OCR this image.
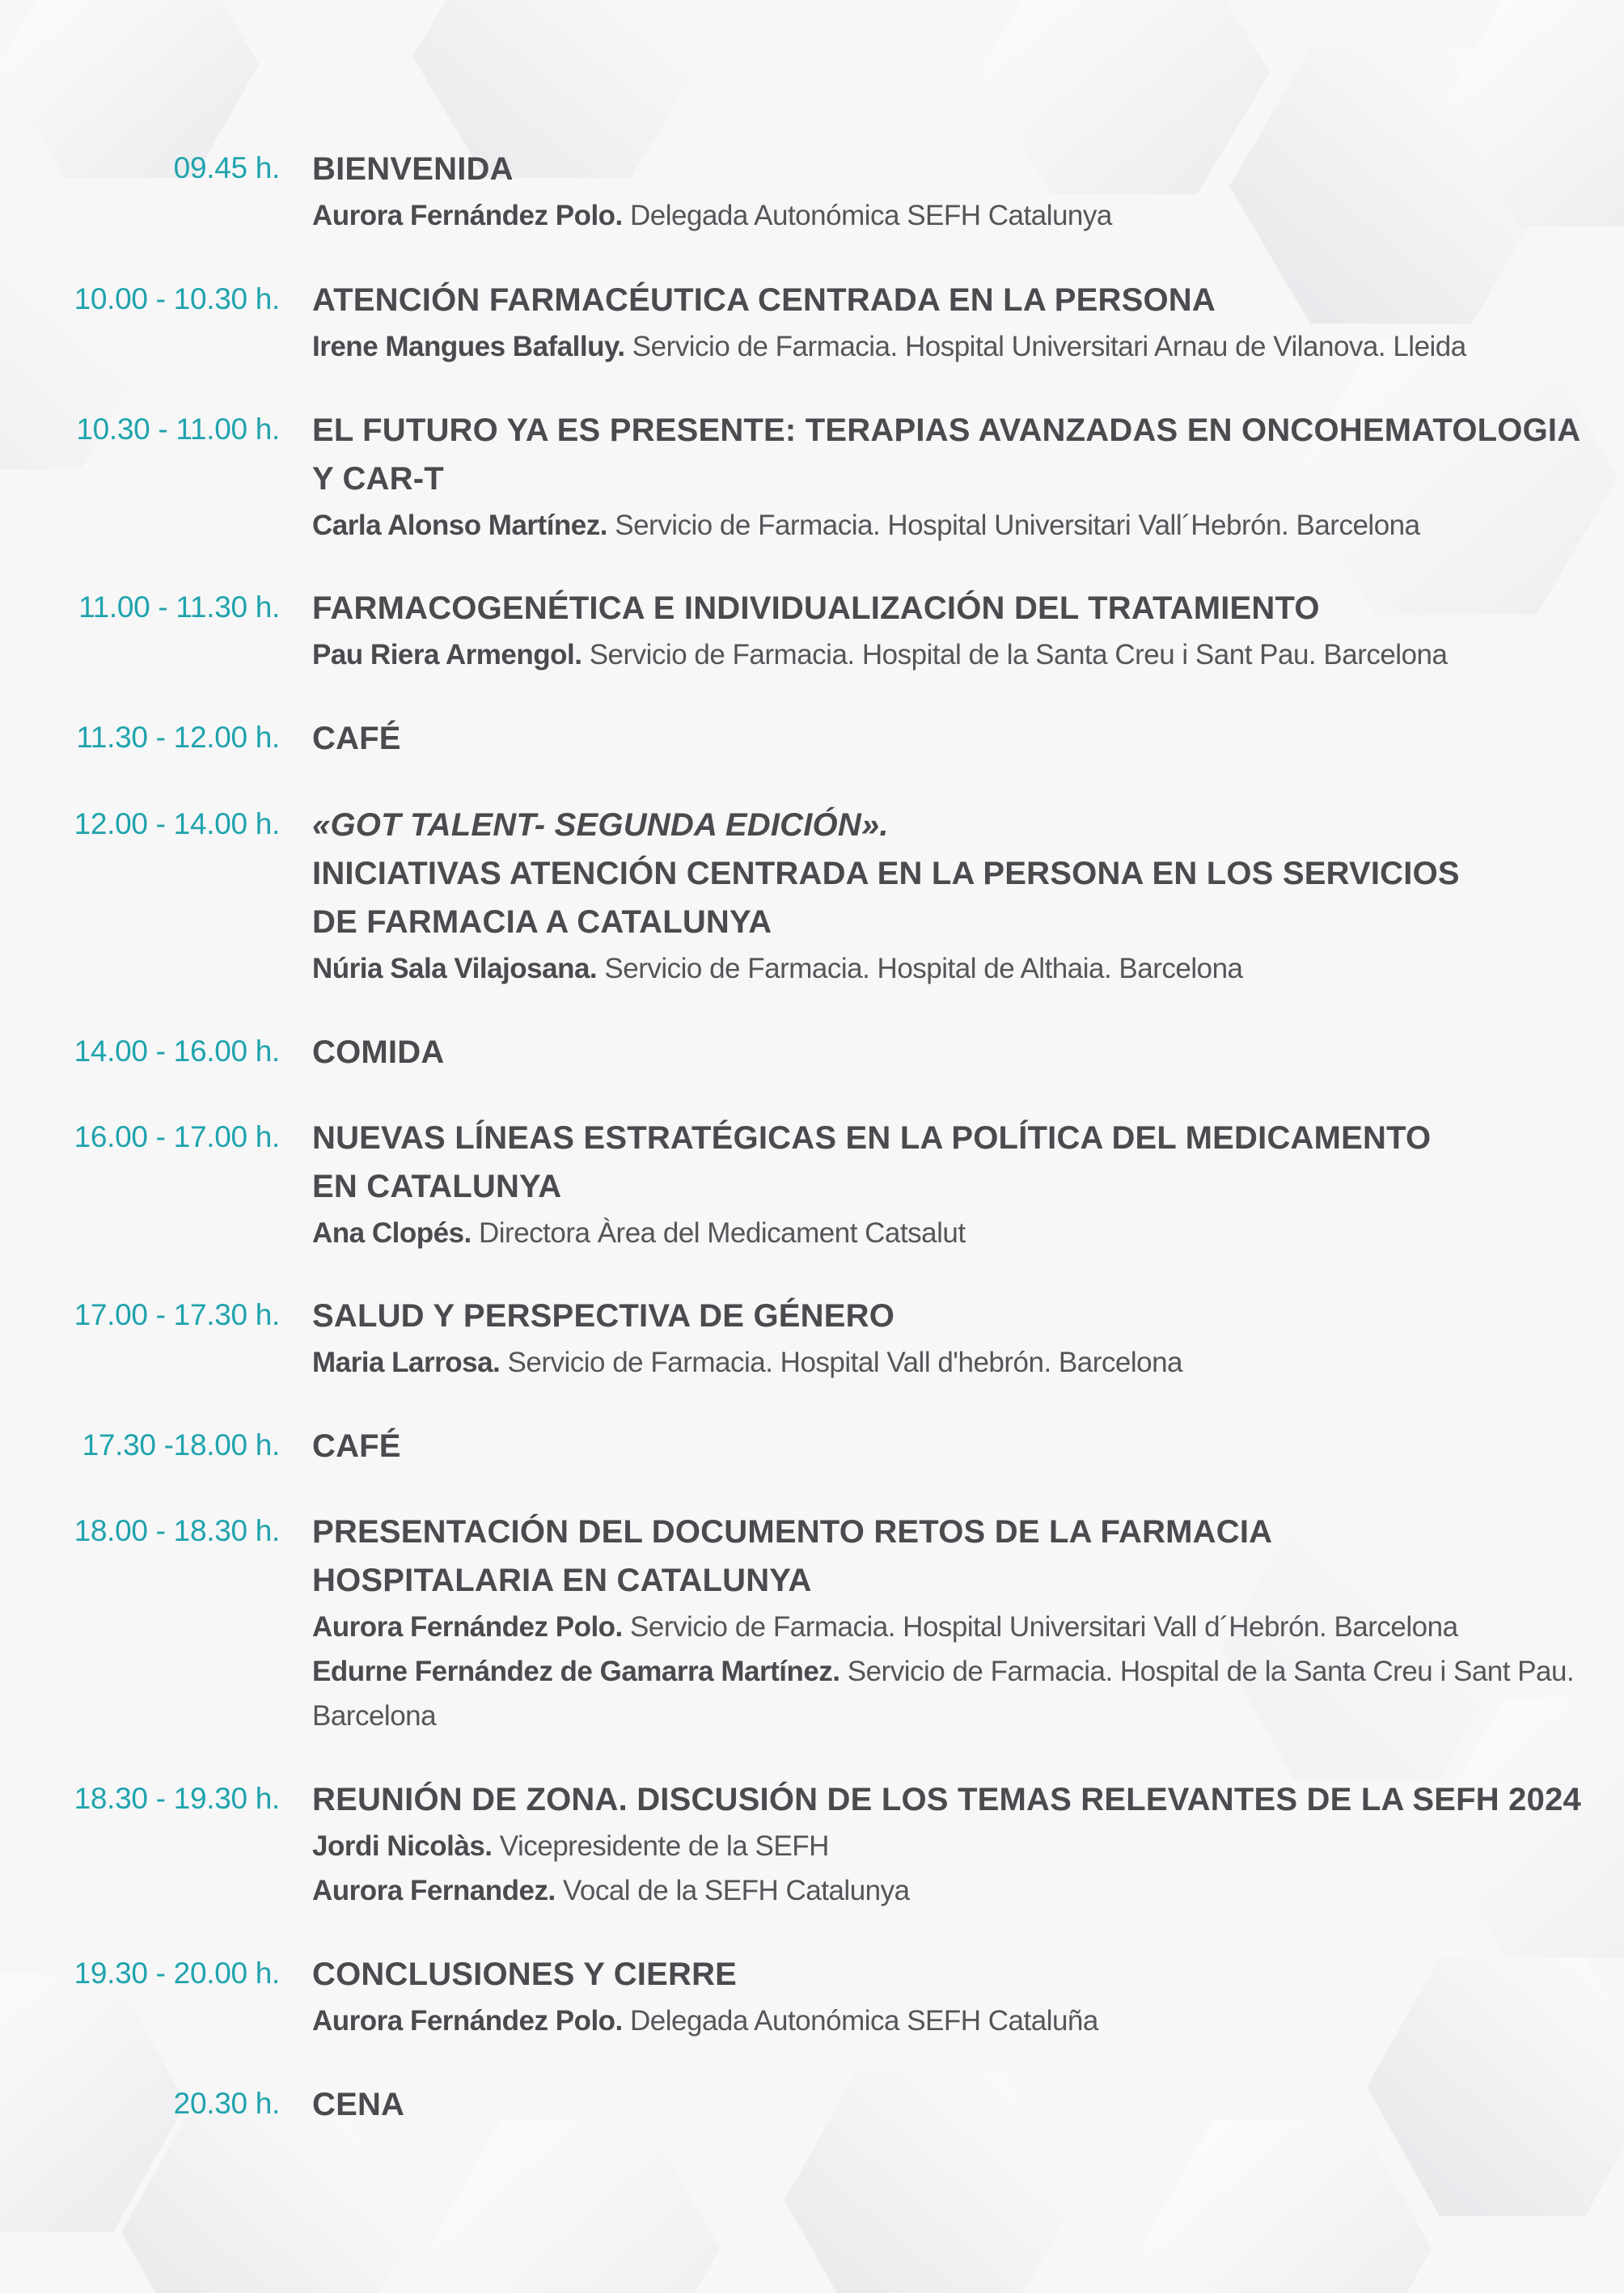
09.45 h. BIENVENIDA
Aurora Fernández Polo. Delegada Autonómica SEFH Catalunya
10.00 - 10.30 h. ATENCIÓN FARMACÉUTICA CENTRADA EN LA PERSONA
Irene Mangues Bafalluy. Servicio de Farmacia. Hospital Universitari Arnau de Vilanova. Lleida
10.30 - 11.00 h. EL FUTURO YA ES PRESENTE: TERAPIAS AVANZADAS EN ONCOHEMATOLOGIA
Y CAR-T
Carla Alonso Martínez. Servicio de Farmacia. Hospital Universitari Vall´Hebrón. Barcelona
11.00 - 11.30 h. FARMACOGENÉTICA E INDIVIDUALIZACIÓN DEL TRATAMIENTO
Pau Riera Armengol. Servicio de Farmacia. Hospital de la Santa Creu i Sant Pau. Barcelona
11.30 - 12.00 h. CAFÉ
12.00 - 14.00 h. «GOT TALENT- SEGUNDA EDICIÓN».
INICIATIVAS ATENCIÓN CENTRADA EN LA PERSONA EN LOS SERVICIOS
DE FARMACIA A CATALUNYA
Núria Sala Vilajosana. Servicio de Farmacia. Hospital de Althaia. Barcelona
14.00 - 16.00 h. COMIDA
16.00 - 17.00 h. NUEVAS LÍNEAS ESTRATÉGICAS EN LA POLÍTICA DEL MEDICAMENTO
EN CATALUNYA
Ana Clopés. Directora Àrea del Medicament Catsalut
17.00 - 17.30 h. SALUD Y PERSPECTIVA DE GÉNERO
Maria Larrosa. Servicio de Farmacia. Hospital Vall d'hebrón. Barcelona
17.30 -18.00 h. CAFÉ
18.00 - 18.30 h. PRESENTACIÓN DEL DOCUMENTO RETOS DE LA FARMACIA
HOSPITALARIA EN CATALUNYA
Aurora Fernández Polo. Servicio de Farmacia. Hospital Universitari Vall d´Hebrón. Barcelona
Edurne Fernández de Gamarra Martínez. Servicio de Farmacia. Hospital de la Santa Creu i Sant Pau.
Barcelona
18.30 - 19.30 h. REUNIÓN DE ZONA. DISCUSIÓN DE LOS TEMAS RELEVANTES DE LA SEFH 2024
Jordi Nicolàs. Vicepresidente de la SEFH
Aurora Fernandez. Vocal de la SEFH Catalunya
19.30 - 20.00 h. CONCLUSIONES Y CIERRE
Aurora Fernández Polo. Delegada Autonómica SEFH Cataluña
20.30 h. CENA
